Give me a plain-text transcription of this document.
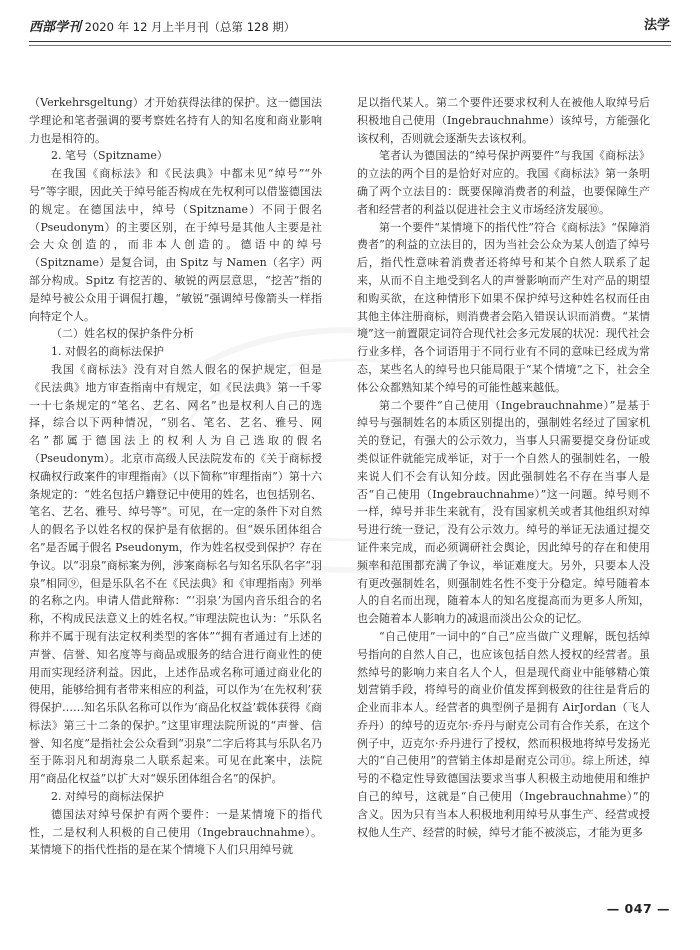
西部学刊 2020 年 12 月上半月刊（总第 128 期）	法学

（Verkehrsgeltung）才开始获得法律的保护。这一德国法学理论和笔者强调的要考察姓名持有人的知名度和商业影响力也是相符的。

2. 笔号（Spitzname）

在我国《商标法》和《民法典》中都未见“绰号”“外号”等字眼，因此关于绰号能否构成在先权利可以借鉴德国法的规定。在德国法中，绰号（Spitzname）不同于假名（Pseudonym）的主要区别，在于绰号是其他人主要是社会大众创造的，而非本人创造的。德语中的绰号（Spitzname）是复合词，由 Spitz 与 Namen（名字）两部分构成。Spitz 有挖苦的、敏锐的两层意思，“挖苦”指的是绰号被公众用于调侃打趣，“敏锐”强调绰号像箭头一样指向特定个人。

（二）姓名权的保护条件分析

1. 对假名的商标法保护

我国《商标法》没有对自然人假名的保护规定，但是《民法典》地方审查指南中有规定，如《民法典》第一千零一十七条规定的“笔名、艺名、网名”也是权利人自己的选择，综合以下两种情况，“别名、笔名、艺名、雅号、网名”都属于德国法上的权利人为自己选取的假名（Pseudonym）。北京市高级人民法院发布的《关于商标授权确权行政案件的审理指南》（以下简称“审理指南”）第十六条规定的：“姓名包括户籍登记中使用的姓名，也包括别名、笔名、艺名、雅号、绰号等”。可见，在一定的条件下对自然人的假名予以姓名权的保护是有依据的。但“娱乐团体组合名”是否属于假名 Pseudonym，作为姓名权受到保护？存在争议。以“羽泉”商标案为例，涉案商标名与知名乐队名字“羽泉”相同⑨，但是乐队名不在《民法典》和《审理指南》列举的名称之内。申请人借此辩称：“‘羽泉’为国内音乐组合的名称，不构成民法意义上的姓名权。”审理法院也认为：“乐队名称并不属于现有法定权利类型的客体”“拥有者通过有上述的声誉、信誉、知名度等与商品或服务的结合进行商业性的使用而实现经济利益。因此，上述作品或名称可通过商业化的使用，能够给拥有者带来相应的利益，可以作为‘在先权利’获得保护……知名乐队名称可以作为‘商品化权益’载体获得《商标法》第三十二条的保护。”这里审理法院所说的“声誉、信誉、知名度”是指社会公众看到“羽泉”二字后将其与乐队名乃至于陈羽凡和胡海泉二人联系起来。可见在此案中，法院用“商品化权益”以扩大对“娱乐团体组合名”的保护。

2. 对绰号的商标法保护

德国法对绰号保护有两个要件：一是某情境下的指代性，二是权利人积极的自己使用（Ingebrauchnahme）。某情境下的指代性指的是在某个情境下人们只用绰号就

足以指代某人。第二个要件还要求权利人在被他人取绰号后积极地自己使用（Ingebrauchnahme）该绰号，方能强化该权利，否则就会逐渐失去该权利。

笔者认为德国法的“绰号保护两要件”与我国《商标法》的立法的两个目的是恰好对应的。我国《商标法》第一条明确了两个立法目的：既要保障消费者的利益，也要保障生产者和经营者的利益以促进社会主义市场经济发展⑩。

第一个要件“某情境下的指代性”符合《商标法》“保障消费者”的利益的立法目的，因为当社会公众为某人创造了绰号后，指代性意味着消费者还将绰号和某个自然人联系了起来，从而不自主地受到名人的声誉影响而产生对产品的期望和购买欲，在这种情形下如果不保护绰号这种姓名权而任由其他主体注册商标，则消费者会陷入错误认识而消费。“某情境”这一前置限定词符合现代社会多元发展的状况：现代社会行业多样，各个词语用于不同行业有不同的意味已经成为常态，某些名人的绰号也只能局限于“某个情境”之下，社会全体公众都熟知某个绰号的可能性越来越低。

第二个要件“自己使用（Ingebrauchnahme）”是基于绰号与强制姓名的本质区别提出的，强制姓名经过了国家机关的登记，有强大的公示效力，当事人只需要提交身份证或类似证件就能完成举证，对于一个自然人的强制姓名，一般来说人们不会有认知分歧。因此强制姓名不存在当事人是否“自己使用（Ingebrauchnahme）”这一问题。绰号则不一样，绰号并非生来就有，没有国家机关或者其他组织对绰号进行统一登记，没有公示效力。绰号的举证无法通过提交证件来完成，而必须调研社会舆论，因此绰号的存在和使用频率和范围都充满了争议，举证难度大。另外，只要本人没有更改强制姓名，则强制姓名性不变于分稳定。绰号随着本人的自名而出现，随着本人的知名度提高而为更多人所知，也会随着本人影响力的减退而淡出公众的记忆。

“自己使用”一词中的“自己”应当做广义理解，既包括绰号指向的自然人自己，也应该包括自然人授权的经营者。虽然绰号的影响力来自名人个人，但是现代商业中能够精心策划营销手段，将绰号的商业价值发挥到极致的往往是背后的企业而非本人。经营者的典型例子是拥有 AirJordan（飞人乔丹）的绰号的迈克尔·乔丹与耐克公司有合作关系，在这个例子中，迈克尔·乔丹进行了授权，然而积极地将绰号发扬光大的“自己使用”的营销主体却是耐克公司⑪。综上所述，绰号的不稳定性导致德国法要求当事人积极主动地使用和维护自己的绰号，这就是“自己使用（Ingebrauchnahme）”的含义。因为只有当本人积极地利用绰号从事生产、经营或授权他人生产、经营的时候，绰号才能不被淡忘，才能为更多

— 047 —
